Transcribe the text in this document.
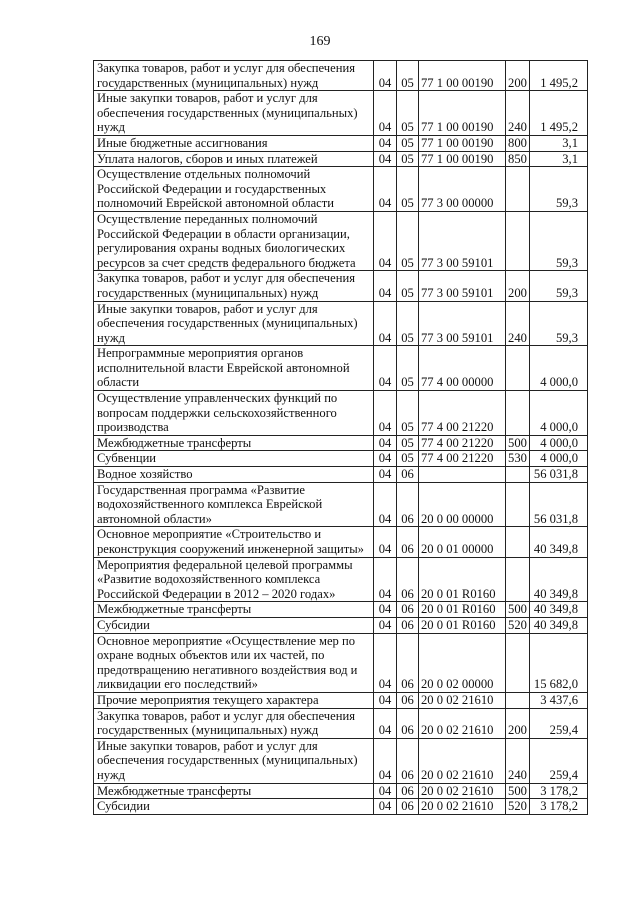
169
Закупка товаров, работ и услуг для обеспечения государственных (муниципальных) нужд	04	05	77 1 00 00190	200	1 495,2
Иные закупки товаров, работ и услуг для обеспечения государственных (муниципальных) нужд	04	05	77 1 00 00190	240	1 495,2
Иные бюджетные ассигнования	04	05	77 1 00 00190	800	3,1
Уплата налогов, сборов и иных платежей	04	05	77 1 00 00190	850	3,1
Осуществление отдельных полномочий Российской Федерации и государственных полномочий Еврейской автономной области	04	05	77 3 00 00000		59,3
Осуществление переданных полномочий Российской Федерации в области организации, регулирования охраны водных биологических ресурсов за счет средств федерального бюджета	04	05	77 3 00 59101		59,3
Закупка товаров, работ и услуг для обеспечения государственных (муниципальных) нужд	04	05	77 3 00 59101	200	59,3
Иные закупки товаров, работ и услуг для обеспечения государственных (муниципальных) нужд	04	05	77 3 00 59101	240	59,3
Непрограммные мероприятия органов исполнительной власти Еврейской автономной области	04	05	77 4 00 00000		4 000,0
Осуществление управленческих функций по вопросам поддержки сельскохозяйственного производства	04	05	77 4 00 21220		4 000,0
Межбюджетные трансферты	04	05	77 4 00 21220	500	4 000,0
Субвенции	04	05	77 4 00 21220	530	4 000,0
Водное хозяйство	04	06			56 031,8
Государственная программа «Развитие водохозяйственного комплекса Еврейской автономной области»	04	06	20 0 00 00000		56 031,8
Основное мероприятие «Строительство и реконструкция сооружений инженерной защиты»	04	06	20 0 01 00000		40 349,8
Мероприятия федеральной целевой программы «Развитие водохозяйственного комплекса Российской Федерации в 2012 – 2020 годах»	04	06	20 0 01 R0160		40 349,8
Межбюджетные трансферты	04	06	20 0 01 R0160	500	40 349,8
Субсидии	04	06	20 0 01 R0160	520	40 349,8
Основное мероприятие «Осуществление мер по охране водных объектов или их частей, по предотвращению негативного воздействия вод и ликвидации его последствий»	04	06	20 0 02 00000		15 682,0
Прочие мероприятия текущего характера	04	06	20 0 02 21610		3 437,6
Закупка товаров, работ и услуг для обеспечения государственных (муниципальных) нужд	04	06	20 0 02 21610	200	259,4
Иные закупки товаров, работ и услуг для обеспечения государственных (муниципальных) нужд	04	06	20 0 02 21610	240	259,4
Межбюджетные трансферты	04	06	20 0 02 21610	500	3 178,2
Субсидии	04	06	20 0 02 21610	520	3 178,2
